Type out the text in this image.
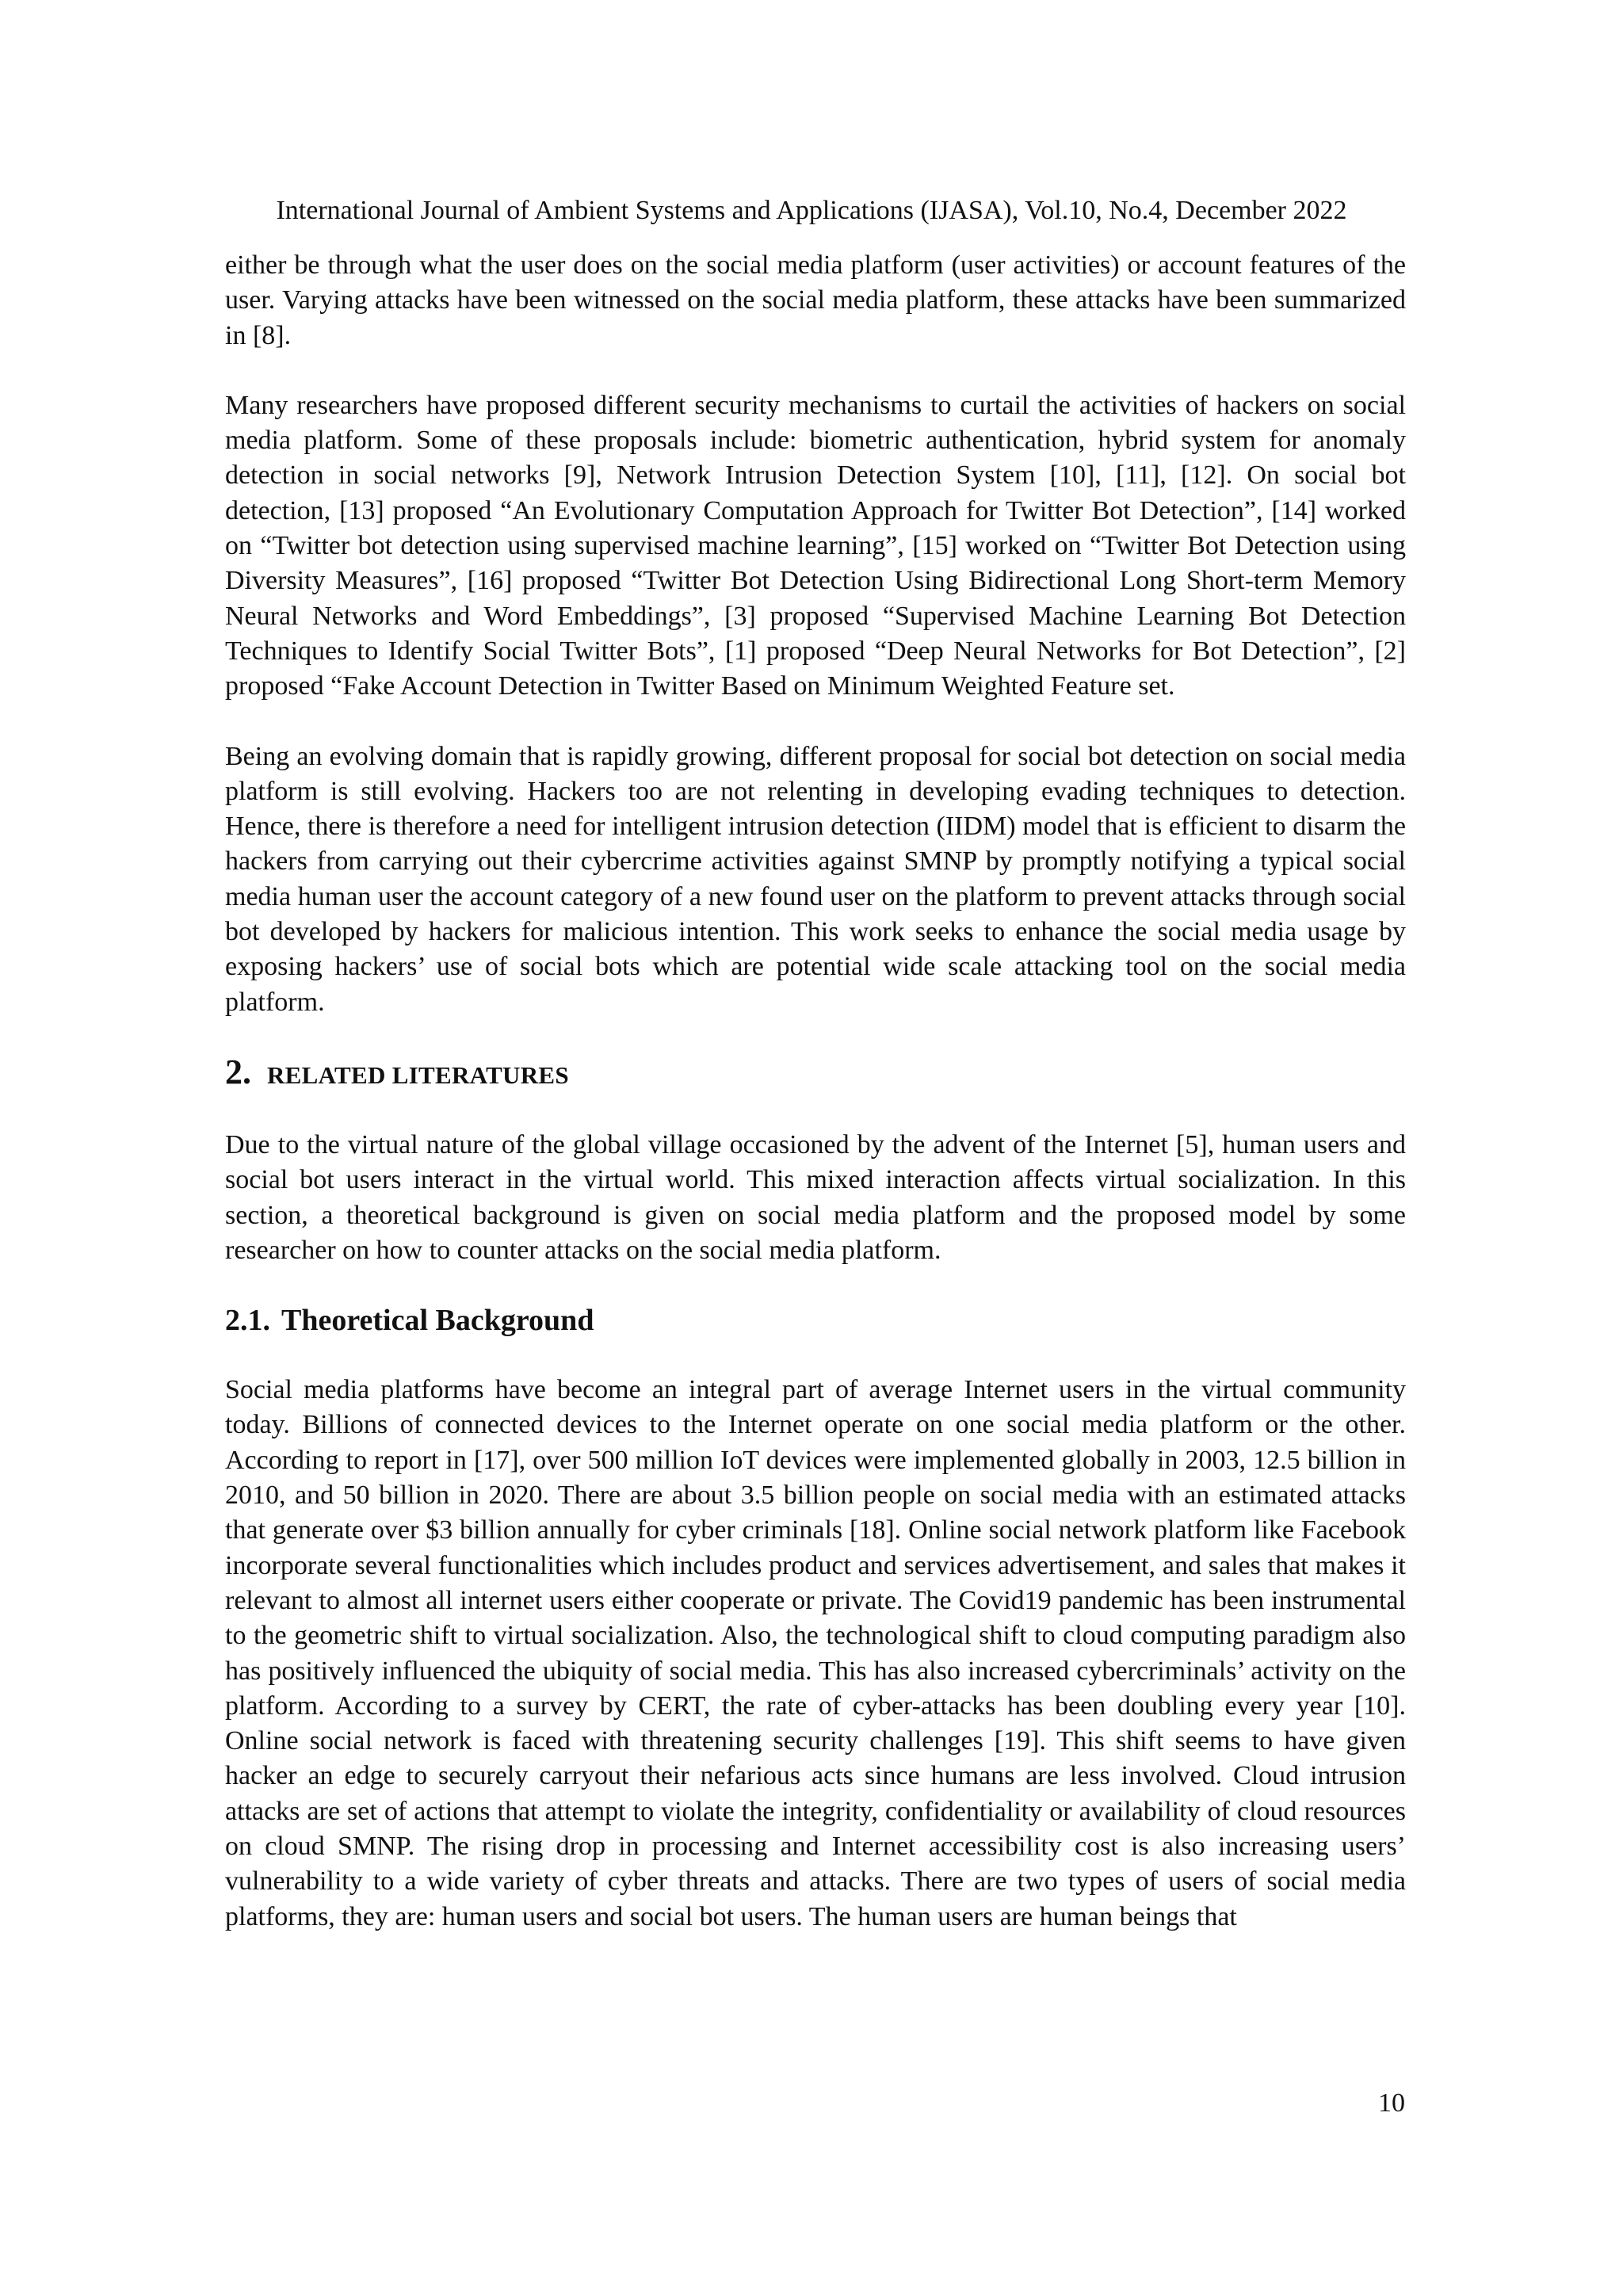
International Journal of Ambient Systems and Applications (IJASA), Vol.10, No.4, December 2022

either be through what the user does on the social media platform (user activities) or account features of the user. Varying attacks have been witnessed on the social media platform, these attacks have been summarized in [8].

Many researchers have proposed different security mechanisms to curtail the activities of hackers on social media platform. Some of these proposals include: biometric authentication, hybrid system for anomaly detection in social networks [9], Network Intrusion Detection System [10], [11], [12]. On social bot detection, [13] proposed “An Evolutionary Computation Approach for Twitter Bot Detection”, [14] worked on “Twitter bot detection using supervised machine learning”, [15] worked on “Twitter Bot Detection using Diversity Measures”, [16] proposed “Twitter Bot Detection Using Bidirectional Long Short-term Memory Neural Networks and Word Embeddings”, [3] proposed “Supervised Machine Learning Bot Detection Techniques to Identify Social Twitter Bots”, [1] proposed “Deep Neural Networks for Bot Detection”, [2] proposed “Fake Account Detection in Twitter Based on Minimum Weighted Feature set.

Being an evolving domain that is rapidly growing, different proposal for social bot detection on social media platform is still evolving. Hackers too are not relenting in developing evading techniques to detection. Hence, there is therefore a need for intelligent intrusion detection (IIDM) model that is efficient to disarm the hackers from carrying out their cybercrime activities against SMNP by promptly notifying a typical social media human user the account category of a new found user on the platform to prevent attacks through social bot developed by hackers for malicious intention. This work seeks to enhance the social media usage by exposing hackers’ use of social bots which are potential wide scale attacking tool on the social media platform.

2. RELATED LITERATURES

Due to the virtual nature of the global village occasioned by the advent of the Internet [5], human users and social bot users interact in the virtual world. This mixed interaction affects virtual socialization. In this section, a theoretical background is given on social media platform and the proposed model by some researcher on how to counter attacks on the social media platform.

2.1. Theoretical Background

Social media platforms have become an integral part of average Internet users in the virtual community today. Billions of connected devices to the Internet operate on one social media platform or the other. According to report in [17], over 500 million IoT devices were implemented globally in 2003, 12.5 billion in 2010, and 50 billion in 2020. There are about 3.5 billion people on social media with an estimated attacks that generate over $3 billion annually for cyber criminals [18]. Online social network platform like Facebook incorporate several functionalities which includes product and services advertisement, and sales that makes it relevant to almost all internet users either cooperate or private. The Covid19 pandemic has been instrumental to the geometric shift to virtual socialization. Also, the technological shift to cloud computing paradigm also has positively influenced the ubiquity of social media. This has also increased cybercriminals’ activity on the platform. According to a survey by CERT, the rate of cyber-attacks has been doubling every year [10]. Online social network is faced with threatening security challenges [19]. This shift seems to have given hacker an edge to securely carryout their nefarious acts since humans are less involved. Cloud intrusion attacks are set of actions that attempt to violate the integrity, confidentiality or availability of cloud resources on cloud SMNP. The rising drop in processing and Internet accessibility cost is also increasing users’ vulnerability to a wide variety of cyber threats and attacks. There are two types of users of social media platforms, they are: human users and social bot users. The human users are human beings that

10
